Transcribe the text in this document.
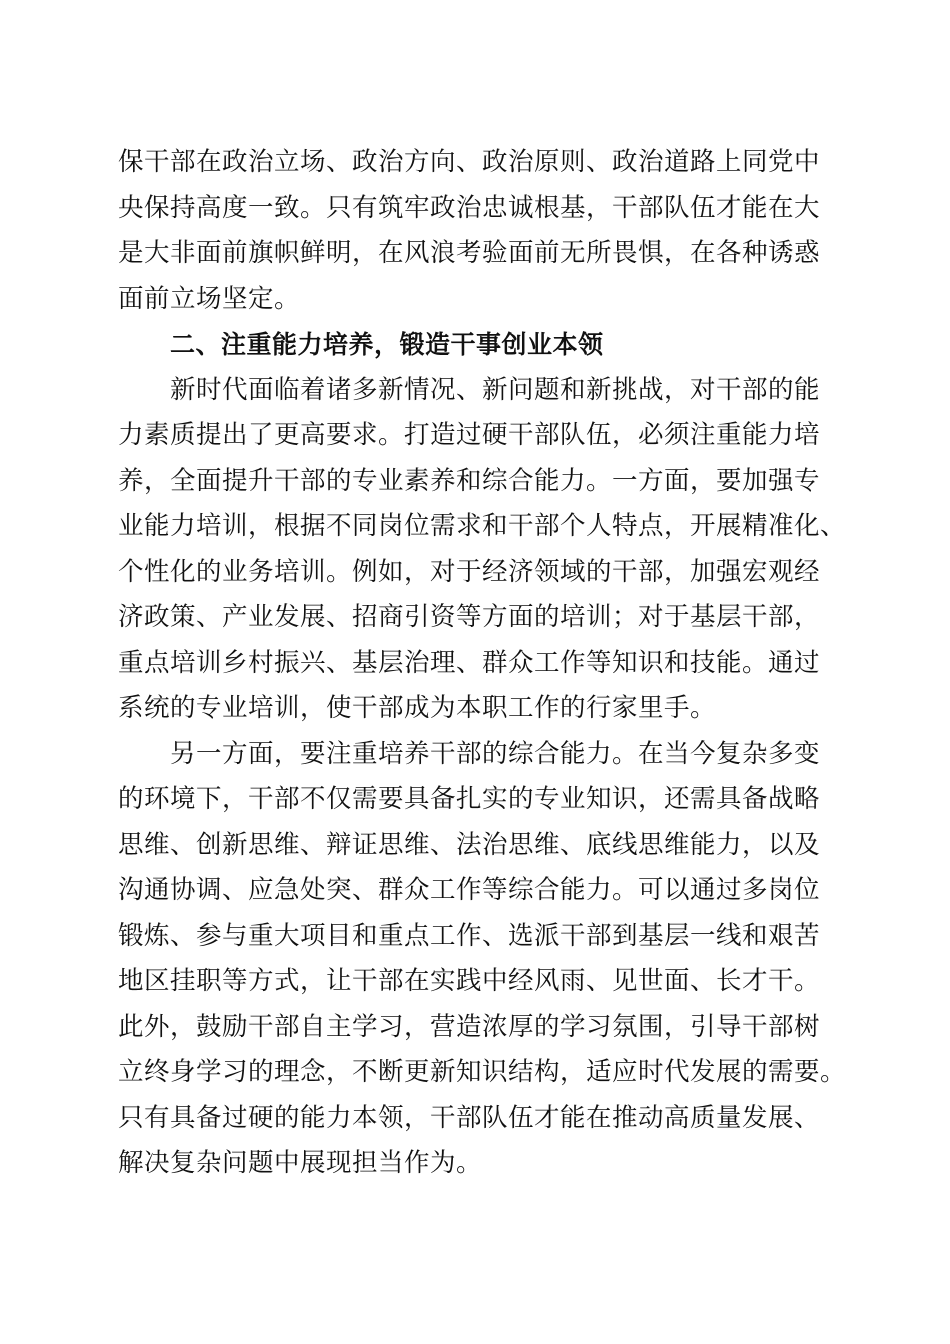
保干部在政治立场、政治方向、政治原则、政治道路上同党中
央保持高度一致。只有筑牢政治忠诚根基，干部队伍才能在大
是大非面前旗帜鲜明，在风浪考验面前无所畏惧，在各种诱惑
面前立场坚定。
二、注重能力培养，锻造干事创业本领
新时代面临着诸多新情况、新问题和新挑战，对干部的能
力素质提出了更高要求。打造过硬干部队伍，必须注重能力培
养，全面提升干部的专业素养和综合能力。一方面，要加强专
业能力培训，根据不同岗位需求和干部个人特点，开展精准化、
个性化的业务培训。例如，对于经济领域的干部，加强宏观经
济政策、产业发展、招商引资等方面的培训；对于基层干部，
重点培训乡村振兴、基层治理、群众工作等知识和技能。通过
系统的专业培训，使干部成为本职工作的行家里手。
另一方面，要注重培养干部的综合能力。在当今复杂多变
的环境下，干部不仅需要具备扎实的专业知识，还需具备战略
思维、创新思维、辩证思维、法治思维、底线思维能力，以及
沟通协调、应急处突、群众工作等综合能力。可以通过多岗位
锻炼、参与重大项目和重点工作、选派干部到基层一线和艰苦
地区挂职等方式，让干部在实践中经风雨、见世面、长才干。
此外，鼓励干部自主学习，营造浓厚的学习氛围，引导干部树
立终身学习的理念，不断更新知识结构，适应时代发展的需要。
只有具备过硬的能力本领，干部队伍才能在推动高质量发展、
解决复杂问题中展现担当作为。
